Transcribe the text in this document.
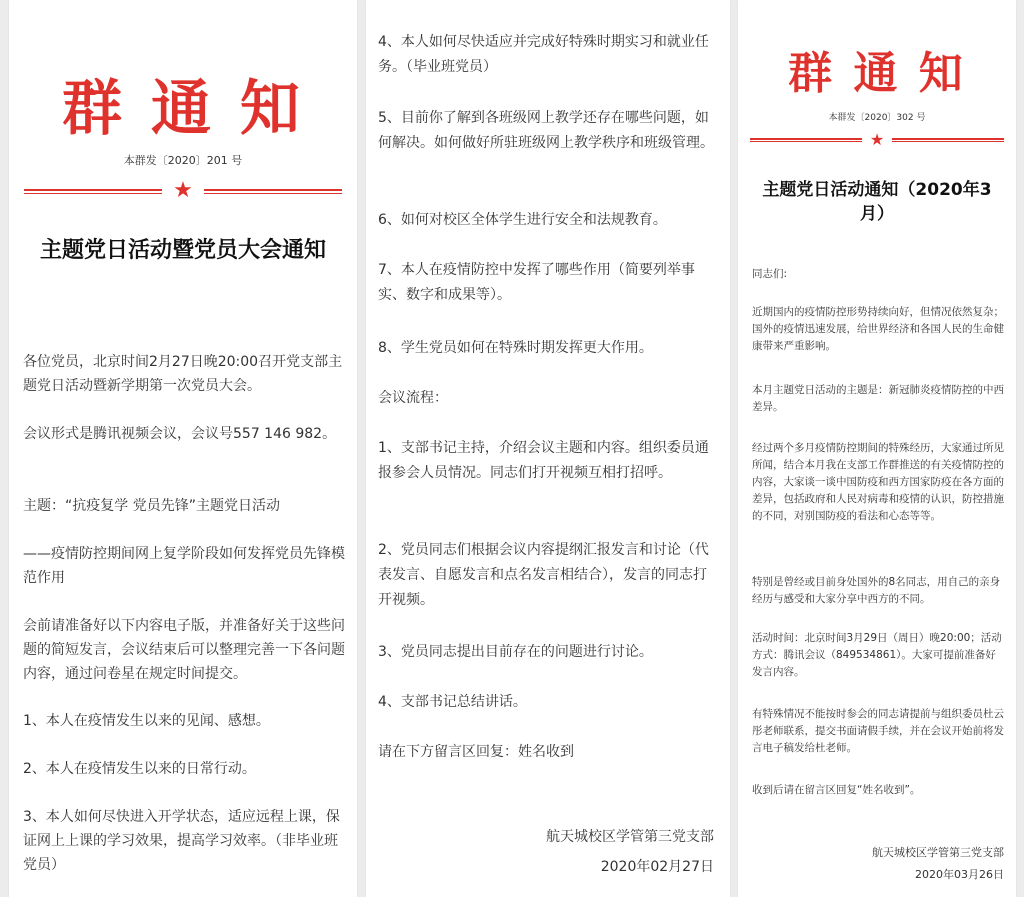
群 通 知

本群发〔2020〕201 号

★
主题党日活动暨党员大会通知

各位党员，北京时间2月27日晚20:00召开党支部主题党日活动暨新学期第一次党员大会。

会议形式是腾讯视频会议，会议号557 146 982。

主题：“抗疫复学 党员先锋”主题党日活动

——疫情防控期间网上复学阶段如何发挥党员先锋模范作用

会前请准备好以下内容电子版，并准备好关于这些问题的简短发言，会议结束后可以整理完善一下各问题内容，通过问卷星在规定时间提交。

1、本人在疫情发生以来的见闻、感想。

2、本人在疫情发生以来的日常行动。

3、本人如何尽快进入开学状态，适应远程上课，保证网上上课的学习效果，提高学习效率。（非毕业班党员）

4、本人如何尽快适应并完成好特殊时期实习和就业任务。（毕业班党员）

5、目前你了解到各班级网上教学还存在哪些问题，如何解决。如何做好所驻班级网上教学秩序和班级管理。

6、如何对校区全体学生进行安全和法规教育。

7、本人在疫情防控中发挥了哪些作用（简要列举事实、数字和成果等）。

8、学生党员如何在特殊时期发挥更大作用。

会议流程：

1、支部书记主持，介绍会议主题和内容。组织委员通报参会人员情况。同志们打开视频互相打招呼。

2、党员同志们根据会议内容提纲汇报发言和讨论（代表发言、自愿发言和点名发言相结合），发言的同志打开视频。

3、党员同志提出目前存在的问题进行讨论。

4、支部书记总结讲话。

请在下方留言区回复：姓名收到

航天城校区学管第三党支部

2020年02月27日

群 通 知

本群发〔2020〕302 号

★
主题党日活动通知（2020年3月）

同志们:

近期国内的疫情防控形势持续向好，但情况依然复杂；国外的疫情迅速发展，给世界经济和各国人民的生命健康带来严重影响。

本月主题党日活动的主题是：新冠肺炎疫情防控的中西差异。

经过两个多月疫情防控期间的特殊经历，大家通过所见所闻，结合本月我在支部工作群推送的有关疫情防控的内容，大家谈一谈中国防疫和西方国家防疫在各方面的差异，包括政府和人民对病毒和疫情的认识，防控措施的不同，对别国防疫的看法和心态等等。

特别是曾经或目前身处国外的8名同志，用自己的亲身经历与感受和大家分享中西方的不同。

活动时间：北京时间3月29日（周日）晚20:00；活动方式：腾讯会议（849534861）。大家可提前准备好发言内容。

有特殊情况不能按时参会的同志请提前与组织委员杜云彤老师联系，提交书面请假手续，并在会议开始前将发言电子稿发给杜老师。

收到后请在留言区回复“姓名收到”。

航天城校区学管第三党支部

2020年03月26日
